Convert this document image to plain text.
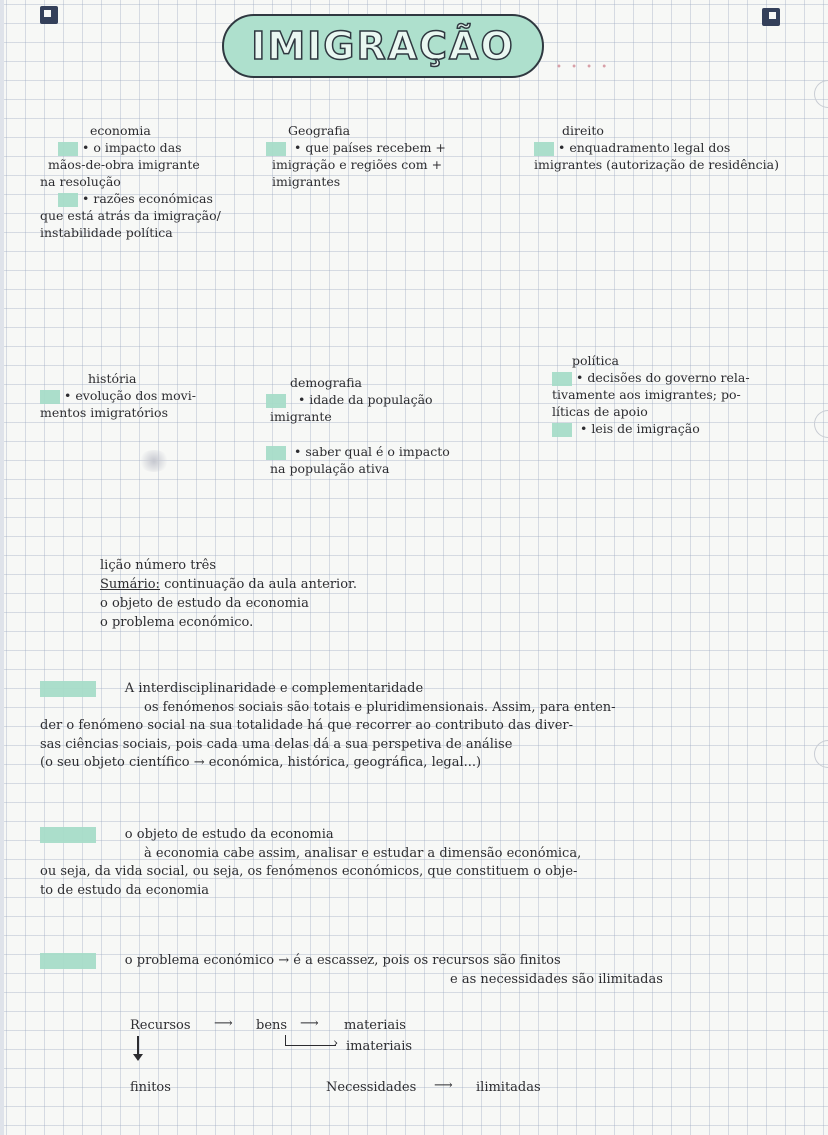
IMIGRAÇÃO	• • • •
economia
• o impacto das
mãos-de-obra imigrante
na resolução
• razões económicas
que está atrás da imigração/
instabilidade política
Geografia
• que países recebem +
imigração e regiões com +
imigrantes
direito
• enquadramento legal dos
imigrantes (autorização de residência)
história
• evolução dos movi-
mentos imigratórios
demografia
• idade da população
imigrante
• saber qual é o impacto
na população ativa
política
• decisões do governo rela-
tivamente aos imigrantes; po-
líticas de apoio
• leis de imigração
lição número três
Sumário: continuação da aula anterior.
o objeto de estudo da economia
o problema económico.
A interdisciplinaridade e complementaridade
os fenómenos sociais são totais e pluridimensionais. Assim, para enten-
der o fenómeno social na sua totalidade há que recorrer ao contributo das diver-
sas ciências sociais, pois cada uma delas dá a sua perspetiva de análise
(o seu objeto científico → económica, histórica, geográfica, legal...)
o objeto de estudo da economia
à economia cabe assim, analisar e estudar a dimensão económica,
ou seja, da vida social, ou seja, os fenómenos económicos, que constituem o obje-
to de estudo da economia
o problema económico → é a escassez, pois os recursos são finitos
e as necessidades são ilimitadas
Recursos ⟶ bens ⟶ materiais
› imateriais
finitos	Necessidades ⟶ ilimitadas
